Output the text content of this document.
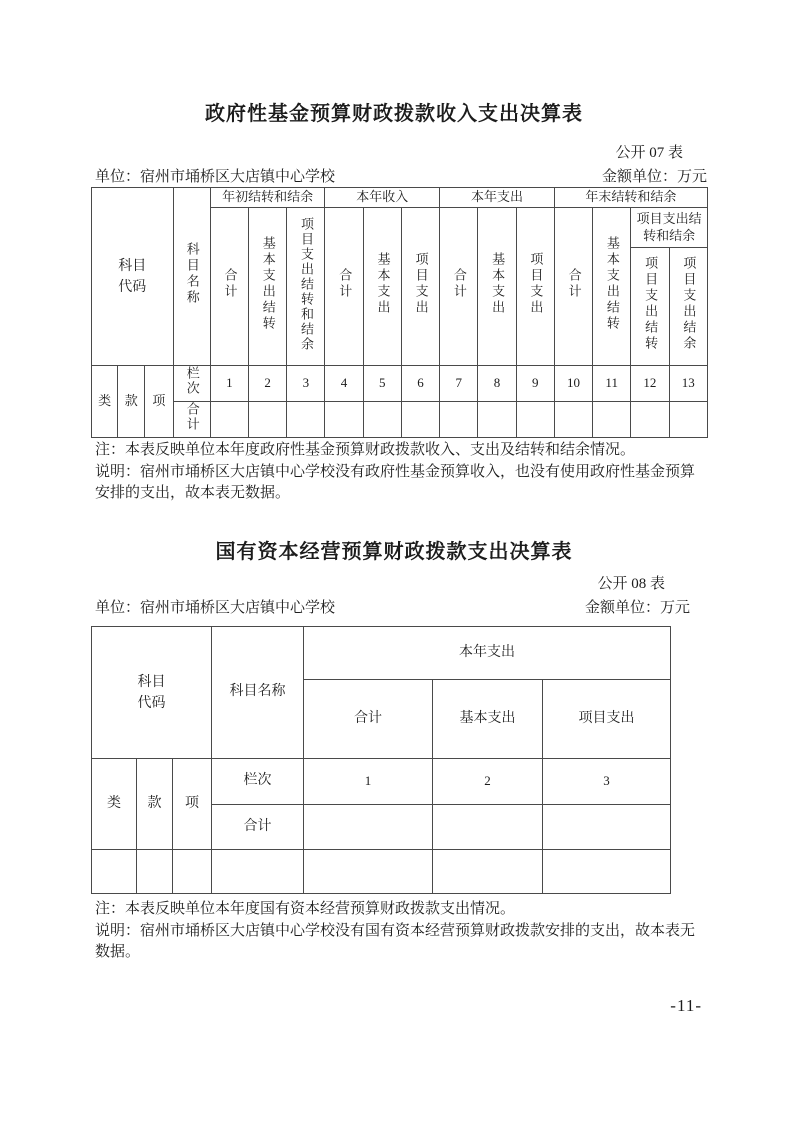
政府性基金预算财政拨款收入支出决算表
公开 07 表
单位：宿州市埇桥区大店镇中心学校	金额单位：万元
科目代码			科目名称	年初结转和结余			本年收入			本年支出			年末结转和结余			
				合计	基本支出结转	项目支出结转和结余	合计	基本支出	项目支出	合计	基本支出	项目支出	合计	基本支出结转	项目支出结转和结余	
															项目支出结转	项目支出结余
类	款	项	栏次	1	2	3	4	5	6	7	8	9	10	11	12	13
			合计													
注：本表反映单位本年度政府性基金预算财政拨款收入、支出及结转和结余情况。
说明：宿州市埇桥区大店镇中心学校没有政府性基金预算收入，也没有使用政府性基金预算
安排的支出，故本表无数据。
国有资本经营预算财政拨款支出决算表
公开 08 表
单位：宿州市埇桥区大店镇中心学校	金额单位：万元
科目代码			科目名称	本年支出		
				合计	基本支出	项目支出
类	款	项	栏次	1	2	3
			合计			

注：本表反映单位本年度国有资本经营预算财政拨款支出情况。
说明：宿州市埇桥区大店镇中心学校没有国有资本经营预算财政拨款安排的支出，故本表无
数据。
-11-
